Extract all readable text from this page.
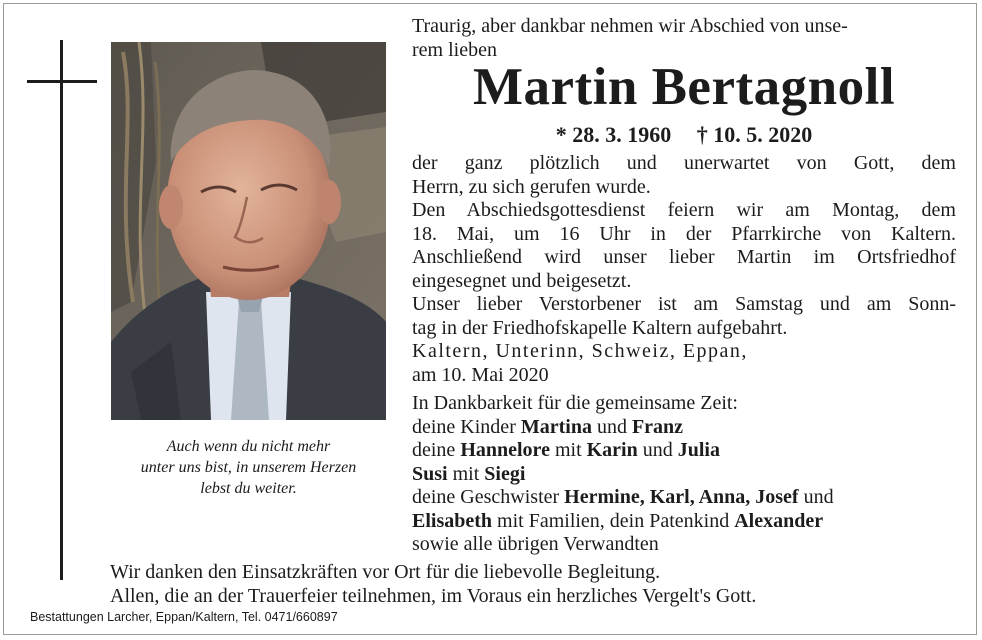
Auch wenn du nicht mehr
unter uns bist, in unserem Herzen
lebst du weiter.
Traurig, aber dankbar nehmen wir Abschied von unse-
rem lieben
Martin Bertagnoll
* 28. 3. 1960 † 10. 5. 2020
der ganz plötzlich und unerwartet von Gott, dem
Herrn, zu sich gerufen wurde.
Den Abschiedsgottesdienst feiern wir am Montag, dem
18. Mai, um 16 Uhr in der Pfarrkirche von Kaltern.
Anschließend wird unser lieber Martin im Ortsfriedhof
eingesegnet und beigesetzt.
Unser lieber Verstorbener ist am Samstag und am Sonn-
tag in der Friedhofskapelle Kaltern aufgebahrt.
Kaltern, Unterinn, Schweiz, Eppan,
am 10. Mai 2020
In Dankbarkeit für die gemeinsame Zeit:
deine Kinder Martina und Franz
deine Hannelore mit Karin und Julia
Susi mit Siegi
deine Geschwister Hermine, Karl, Anna, Josef und
Elisabeth mit Familien, dein Patenkind Alexander
sowie alle übrigen Verwandten
Wir danken den Einsatzkräften vor Ort für die liebevolle Begleitung.
Allen, die an der Trauerfeier teilnehmen, im Voraus ein herzliches Vergelt's Gott.
Bestattungen Larcher, Eppan/Kaltern, Tel. 0471/660897
